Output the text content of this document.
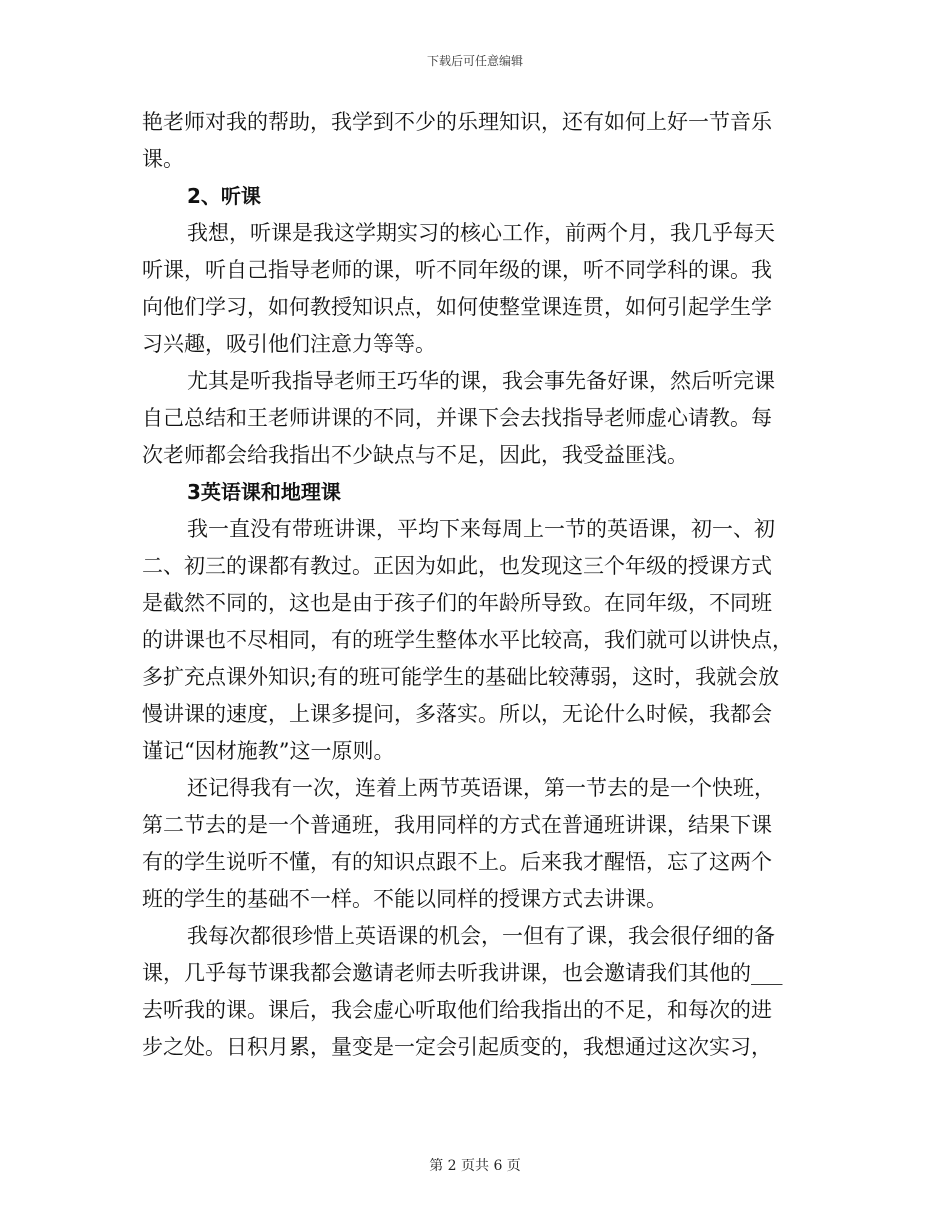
下载后可任意编辑
艳老师对我的帮助，我学到不少的乐理知识，还有如何上好一节音乐
课。
2、听课
我想，听课是我这学期实习的核心工作，前两个月，我几乎每天
听课，听自己指导老师的课，听不同年级的课，听不同学科的课。我
向他们学习，如何教授知识点，如何使整堂课连贯，如何引起学生学
习兴趣，吸引他们注意力等等。
尤其是听我指导老师王巧华的课，我会事先备好课，然后听完课
自己总结和王老师讲课的不同，并课下会去找指导老师虚心请教。每
次老师都会给我指出不少缺点与不足，因此，我受益匪浅。
3英语课和地理课
我一直没有带班讲课，平均下来每周上一节的英语课，初一、初
二、初三的课都有教过。正因为如此，也发现这三个年级的授课方式
是截然不同的，这也是由于孩子们的年龄所导致。在同年级，不同班
的讲课也不尽相同，有的班学生整体水平比较高，我们就可以讲快点，
多扩充点课外知识;有的班可能学生的基础比较薄弱，这时，我就会放
慢讲课的速度，上课多提问，多落实。所以，无论什么时候，我都会
谨记“因材施教”这一原则。
还记得我有一次，连着上两节英语课，第一节去的是一个快班，
第二节去的是一个普通班，我用同样的方式在普通班讲课，结果下课
有的学生说听不懂，有的知识点跟不上。后来我才醒悟，忘了这两个
班的学生的基础不一样。不能以同样的授课方式去讲课。
我每次都很珍惜上英语课的机会，一但有了课，我会很仔细的备
课，几乎每节课我都会邀请老师去听我讲课，也会邀请我们其他的___
去听我的课。课后，我会虚心听取他们给我指出的不足，和每次的进
步之处。日积月累，量变是一定会引起质变的，我想通过这次实习，
第 2 页共 6 页
